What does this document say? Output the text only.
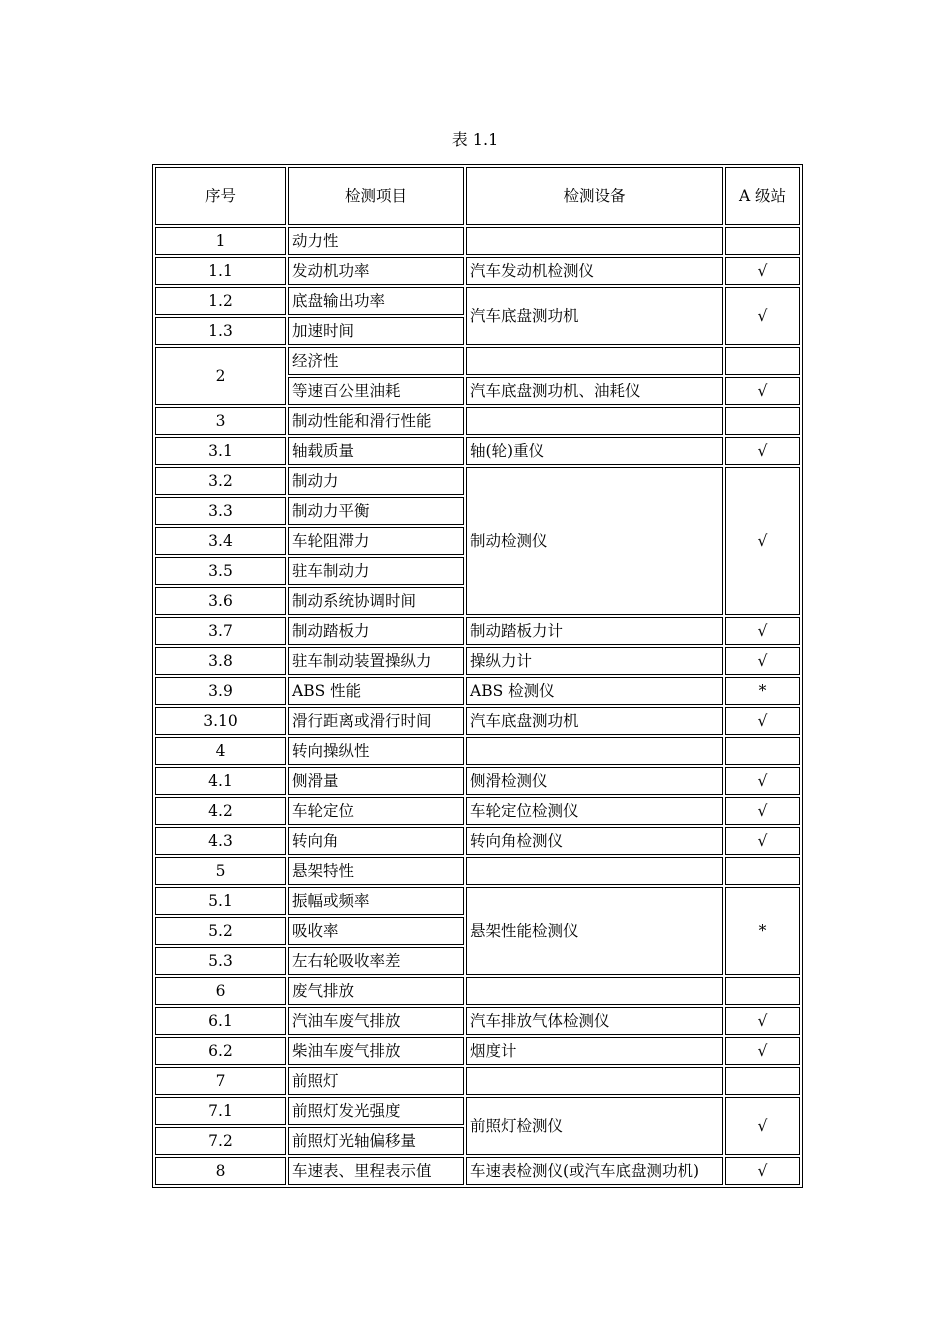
表 1.1
序号	检测项目	检测设备	A 级站
1	动力性		
1.1	发动机功率	汽车发动机检测仪	√
1.2	底盘输出功率	汽车底盘测功机	√
1.3	加速时间		
2	经济性		
	等速百公里油耗	汽车底盘测功机、油耗仪	√
3	制动性能和滑行性能		
3.1	轴载质量	轴(轮)重仪	√
3.2	制动力	制动检测仪	√
3.3	制动力平衡		
3.4	车轮阻滞力		
3.5	驻车制动力		
3.6	制动系统协调时间		
3.7	制动踏板力	制动踏板力计	√
3.8	驻车制动装置操纵力	操纵力计	√
3.9	ABS 性能	ABS 检测仪	*
3.10	滑行距离或滑行时间	汽车底盘测功机	√
4	转向操纵性		
4.1	侧滑量	侧滑检测仪	√
4.2	车轮定位	车轮定位检测仪	√
4.3	转向角	转向角检测仪	√
5	悬架特性		
5.1	振幅或频率	悬架性能检测仪	*
5.2	吸收率		
5.3	左右轮吸收率差		
6	废气排放		
6.1	汽油车废气排放	汽车排放气体检测仪	√
6.2	柴油车废气排放	烟度计	√
7	前照灯		
7.1	前照灯发光强度	前照灯检测仪	√
7.2	前照灯光轴偏移量		
8	车速表、里程表示值	车速表检测仪(或汽车底盘测功机)	√
